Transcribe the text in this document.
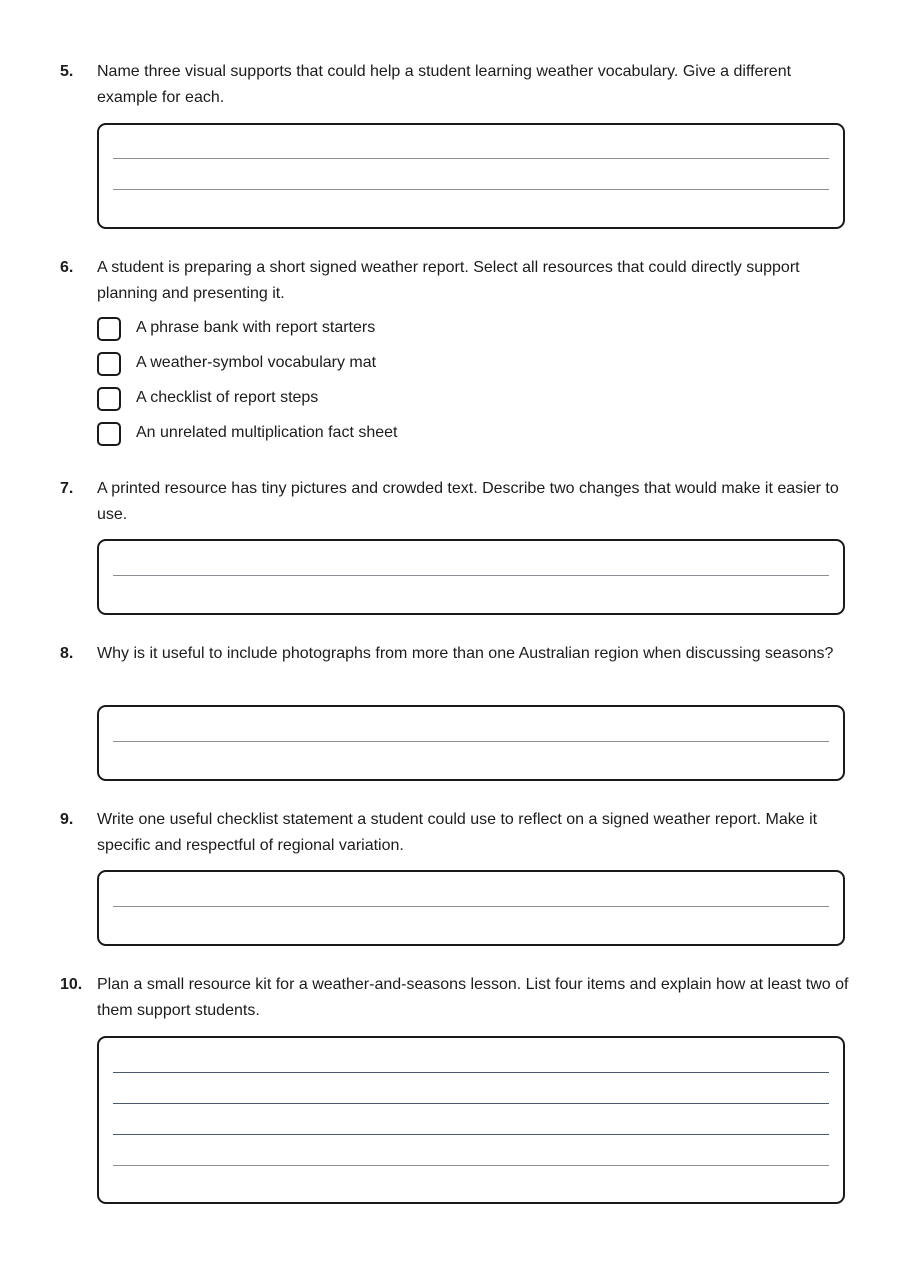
5. Name three visual supports that could help a student learning weather vocabulary. Give a different example for each.
6. A student is preparing a short signed weather report. Select all resources that could directly support planning and presenting it.
A phrase bank with report starters
A weather-symbol vocabulary mat
A checklist of report steps
An unrelated multiplication fact sheet
7. A printed resource has tiny pictures and crowded text. Describe two changes that would make it easier to use.
8. Why is it useful to include photographs from more than one Australian region when discussing seasons?
9. Write one useful checklist statement a student could use to reflect on a signed weather report. Make it specific and respectful of regional variation.
10. Plan a small resource kit for a weather-and-seasons lesson. List four items and explain how at least two of them support students.
